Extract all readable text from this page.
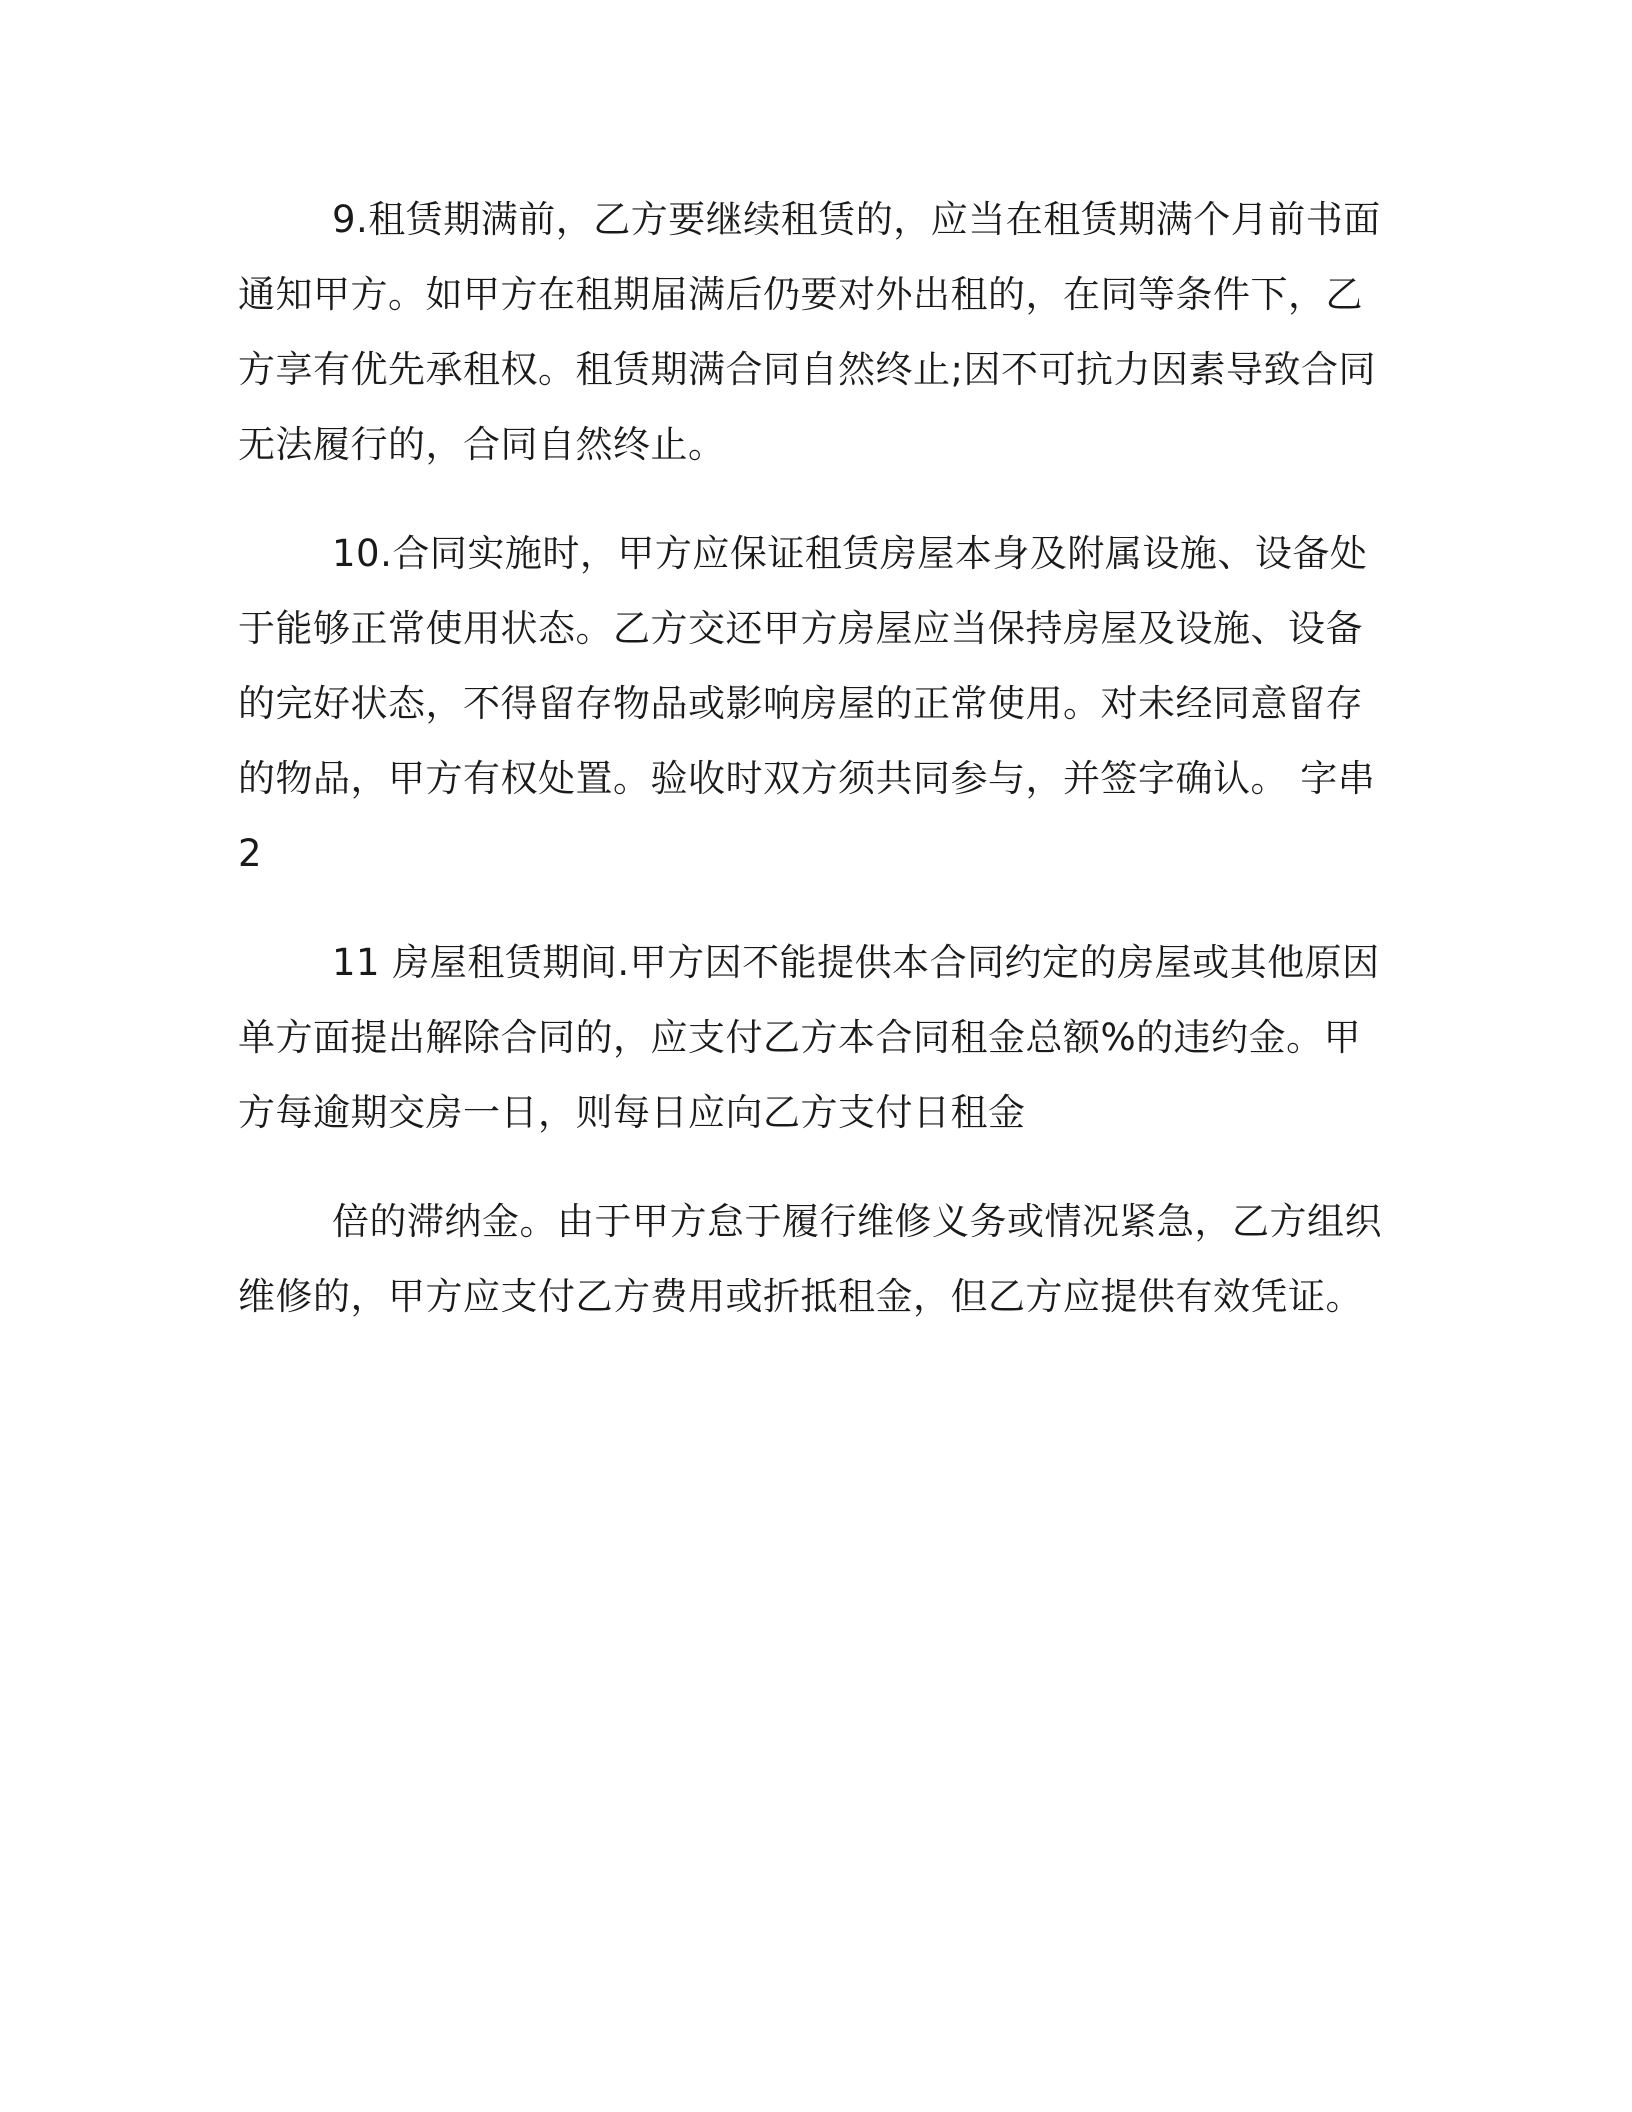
9.租赁期满前，乙方要继续租赁的，应当在租赁期满个月前书面
通知甲方。如甲方在租期届满后仍要对外出租的，在同等条件下，乙
方享有优先承租权。租赁期满合同自然终止;因不可抗力因素导致合同
无法履行的，合同自然终止。

10.合同实施时，甲方应保证租赁房屋本身及附属设施、设备处
于能够正常使用状态。乙方交还甲方房屋应当保持房屋及设施、设备
的完好状态，不得留存物品或影响房屋的正常使用。对未经同意留存
的物品，甲方有权处置。验收时双方须共同参与，并签字确认。 字串
2

11 房屋租赁期间.甲方因不能提供本合同约定的房屋或其他原因
单方面提出解除合同的，应支付乙方本合同租金总额%的违约金。甲
方每逾期交房一日，则每日应向乙方支付日租金

倍的滞纳金。由于甲方怠于履行维修义务或情况紧急，乙方组织
维修的，甲方应支付乙方费用或折抵租金，但乙方应提供有效凭证。
